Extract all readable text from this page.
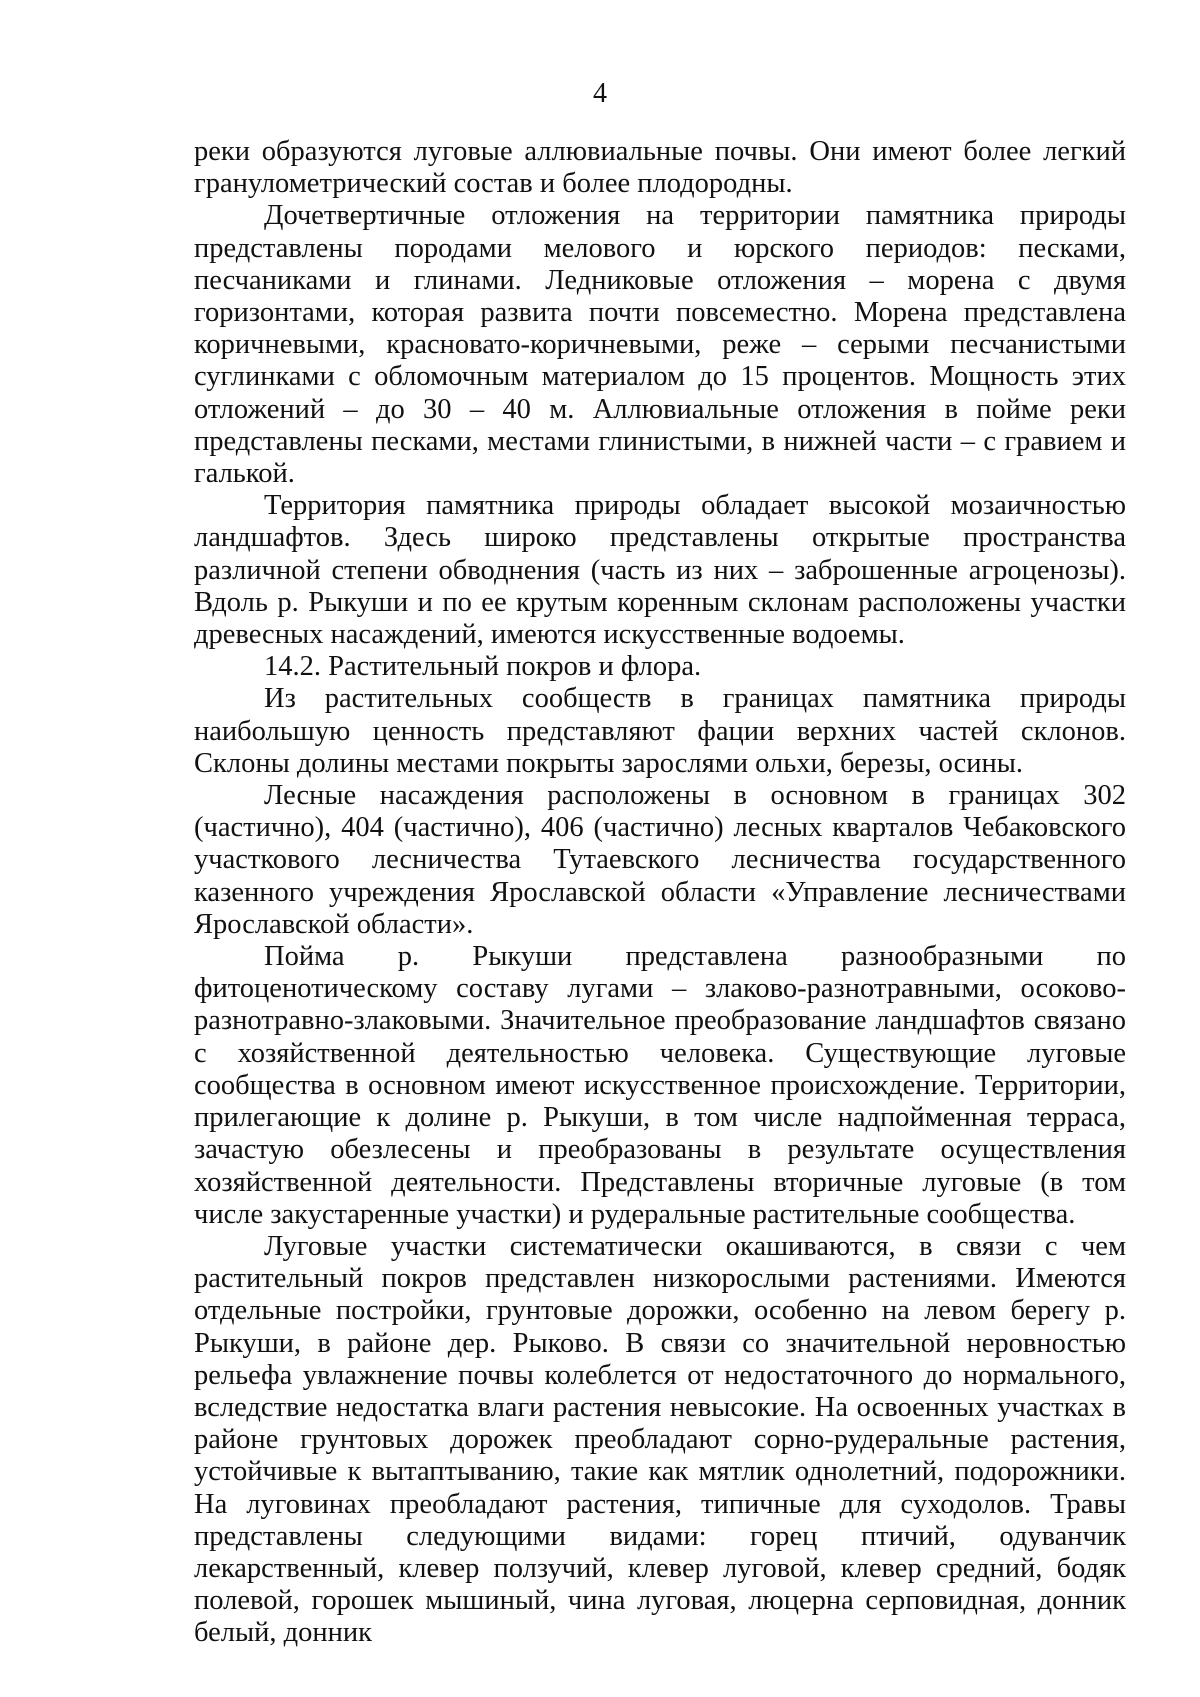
4

реки образуются луговые аллювиальные почвы. Они имеют более легкий гранулометрический состав и более плодородны.

Дочетвертичные отложения на территории памятника природы представлены породами мелового и юрского периодов: песками, песчаниками и глинами. Ледниковые отложения – морена с двумя горизонтами, которая развита почти повсеместно. Морена представлена коричневыми, красновато-коричневыми, реже – серыми песчанистыми суглинками с обломочным материалом до 15 процентов. Мощность этих отложений – до 30 – 40 м. Аллювиальные отложения в пойме реки представлены песками, местами глинистыми, в нижней части – с гравием и галькой.

Территория памятника природы обладает высокой мозаичностью ландшафтов. Здесь широко представлены открытые пространства различной степени обводнения (часть из них – заброшенные агроценозы). Вдоль р. Рыкуши и по ее крутым коренным склонам расположены участки древесных насаждений, имеются искусственные водоемы.

14.2. Растительный покров и флора.

Из растительных сообществ в границах памятника природы наибольшую ценность представляют фации верхних частей склонов. Склоны долины местами покрыты зарослями ольхи, березы, осины.

Лесные насаждения расположены в основном в границах 302 (частично), 404 (частично), 406 (частично) лесных кварталов Чебаковского участкового лесничества Тутаевского лесничества государственного казенного учреждения Ярославской области «Управление лесничествами Ярославской области».

Пойма р. Рыкуши представлена разнообразными по фитоценотическому составу лугами – злаково-разнотравными, осоково-разнотравно-злаковыми. Значительное преобразование ландшафтов связано с хозяйственной деятельностью человека. Существующие луговые сообщества в основном имеют искусственное происхождение. Территории, прилегающие к долине р. Рыкуши, в том числе надпойменная терраса, зачастую обезлесены и преобразованы в результате осуществления хозяйственной деятельности. Представлены вторичные луговые (в том числе закустаренные участки) и рудеральные растительные сообщества.

Луговые участки систематически окашиваются, в связи с чем растительный покров представлен низкорослыми растениями. Имеются отдельные постройки, грунтовые дорожки, особенно на левом берегу р. Рыкуши, в районе дер. Рыково. В связи со значительной неровностью рельефа увлажнение почвы колеблется от недостаточного до нормального, вследствие недостатка влаги растения невысокие. На освоенных участках в районе грунтовых дорожек преобладают сорно-рудеральные растения, устойчивые к вытаптыванию, такие как мятлик однолетний, подорожники. На луговинах преобладают растения, типичные для суходолов. Травы представлены следующими видами: горец птичий, одуванчик лекарственный, клевер ползучий, клевер луговой, клевер средний, бодяк полевой, горошек мышиный, чина луговая, люцерна серповидная, донник белый, донник
